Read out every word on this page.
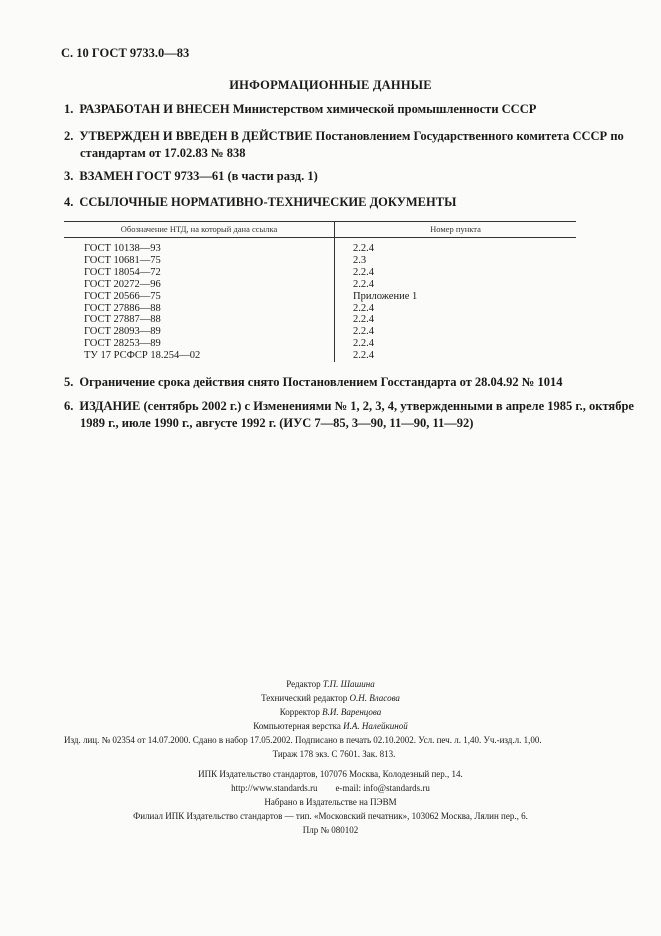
С. 10 ГОСТ 9733.0—83
ИНФОРМАЦИОННЫЕ ДАННЫЕ
1. РАЗРАБОТАН И ВНЕСЕН Министерством химической промышленности СССР
2. УТВЕРЖДЕН И ВВЕДЕН В ДЕЙСТВИЕ Постановлением Государственного комитета СССР по стандартам от 17.02.83 № 838
3. ВЗАМЕН ГОСТ 9733—61 (в части разд. 1)
4. ССЫЛОЧНЫЕ НОРМАТИВНО-ТЕХНИЧЕСКИЕ ДОКУМЕНТЫ
Обозначение НТД, на который дана ссылка	Номер пункта

ГОСТ 10138—93	2.2.4
ГОСТ 10681—75	2.3
ГОСТ 18054—72	2.2.4
ГОСТ 20272—96	2.2.4
ГОСТ 20566—75	Приложение 1
ГОСТ 27886—88	2.2.4
ГОСТ 27887—88	2.2.4
ГОСТ 28093—89	2.2.4
ГОСТ 28253—89	2.2.4
ТУ 17 РСФСР 18.254—02	2.2.4
5. Ограничение срока действия снято Постановлением Госстандарта от 28.04.92 № 1014
6. ИЗДАНИЕ (сентябрь 2002 г.) с Изменениями № 1, 2, 3, 4, утвержденными в апреле 1985 г., октябре 1989 г., июле 1990 г., августе 1992 г. (ИУС 7—85, 3—90, 11—90, 11—92)
Редактор Т.П. Шашина
Технический редактор О.Н. Власова
Корректор В.И. Варенцова
Компьютерная верстка И.А. Налейкиной
Изд. лиц. № 02354 от 14.07.2000. Сдано в набор 17.05.2002. Подписано в печать 02.10.2002. Усл. печ. л. 1,40. Уч.-изд.л. 1,00.
Тираж 178 экз. С 7601. Зак. 813.
ИПК Издательство стандартов, 107076 Москва, Колодезный пер., 14.
http://www.standards.ru        e-mail: info@standards.ru
Набрано в Издательстве на ПЭВМ
Филиал ИПК Издательство стандартов — тип. «Московский печатник», 103062 Москва, Лялин пер., 6.
Плр № 080102
